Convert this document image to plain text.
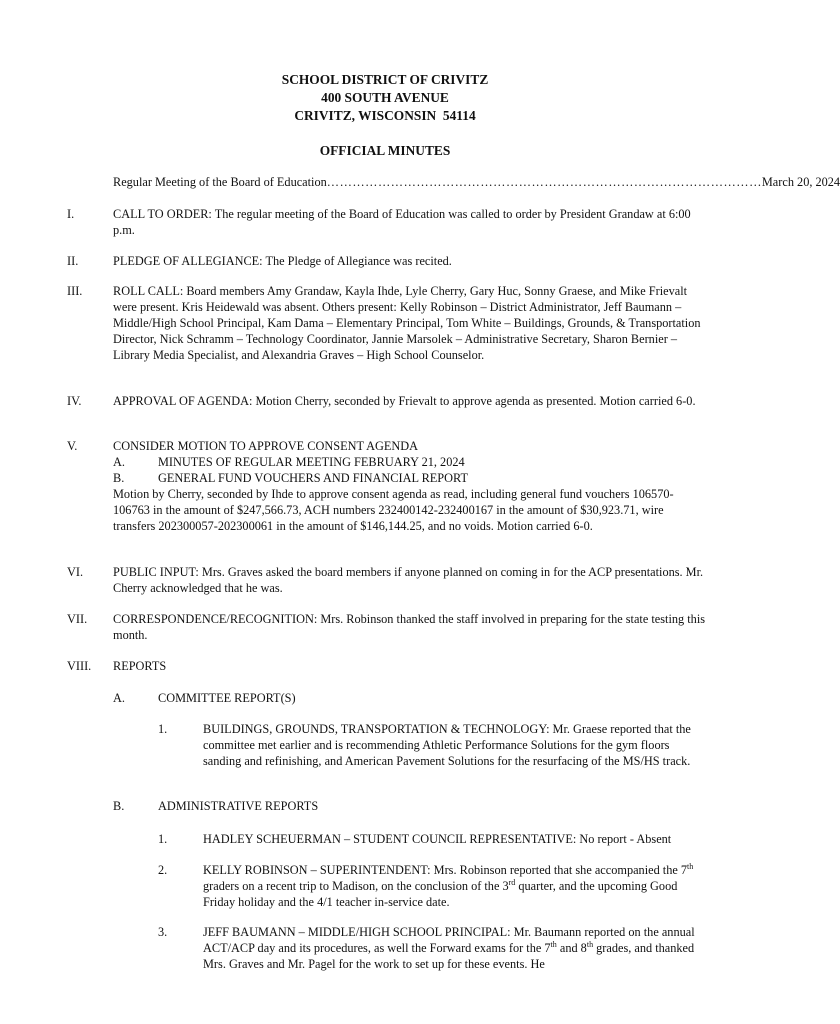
SCHOOL DISTRICT OF CRIVITZ
400 SOUTH AVENUE
CRIVITZ, WISCONSIN  54114
OFFICIAL MINUTES
Regular Meeting of the Board of Education ………………………………………………………………………………………… March 20, 2024
I.	CALL TO ORDER: The regular meeting of the Board of Education was called to order by President Grandaw at 6:00 p.m.
II.	PLEDGE OF ALLEGIANCE: The Pledge of Allegiance was recited.
III. ROLL CALL: Board members Amy Grandaw, Kayla Ihde, Lyle Cherry, Gary Huc, Sonny Graese, and Mike Frievalt were present. Kris Heidewald was absent. Others present: Kelly Robinson – District Administrator, Jeff Baumann – Middle/High School Principal, Kam Dama – Elementary Principal, Tom White – Buildings, Grounds, & Transportation Director, Nick Schramm – Technology Coordinator, Jannie Marsolek – Administrative Secretary, Sharon Bernier – Library Media Specialist, and Alexandria Graves – High School Counselor.
IV.	APPROVAL OF AGENDA: Motion Cherry, seconded by Frievalt to approve agenda as presented. Motion carried 6-0.
V.	CONSIDER MOTION TO APPROVE CONSENT AGENDA
A.	MINUTES OF REGULAR MEETING FEBRUARY 21, 2024
B.	GENERAL FUND VOUCHERS AND FINANCIAL REPORT
Motion by Cherry, seconded by Ihde to approve consent agenda as read, including general fund vouchers 106570-106763 in the amount of $247,566.73, ACH numbers 232400142-232400167 in the amount of $30,923.71, wire transfers 202300057-202300061 in the amount of $146,144.25, and no voids. Motion carried 6-0.
VI. PUBLIC INPUT: Mrs. Graves asked the board members if anyone planned on coming in for the ACP presentations. Mr. Cherry acknowledged that he was.
VII. CORRESPONDENCE/RECOGNITION: Mrs. Robinson thanked the staff involved in preparing for the state testing this month.
VIII. REPORTS
A.	COMMITTEE REPORT(S)
1.	BUILDINGS, GROUNDS, TRANSPORTATION & TECHNOLOGY: Mr. Graese reported that the committee met earlier and is recommending Athletic Performance Solutions for the gym floors sanding and refinishing, and American Pavement Solutions for the resurfacing of the MS/HS track.
B.	ADMINISTRATIVE REPORTS
1.	HADLEY SCHEUERMAN – STUDENT COUNCIL REPRESENTATIVE: No report - Absent
2.	KELLY ROBINSON – SUPERINTENDENT: Mrs. Robinson reported that she accompanied the 7th graders on a recent trip to Madison, on the conclusion of the 3rd quarter, and the upcoming Good Friday holiday and the 4/1 teacher in-service date.
3.	JEFF BAUMANN – MIDDLE/HIGH SCHOOL PRINCIPAL: Mr. Baumann reported on the annual ACT/ACP day and its procedures, as well the Forward exams for the 7th and 8th grades, and thanked Mrs. Graves and Mr. Pagel for the work to set up for these events. He
